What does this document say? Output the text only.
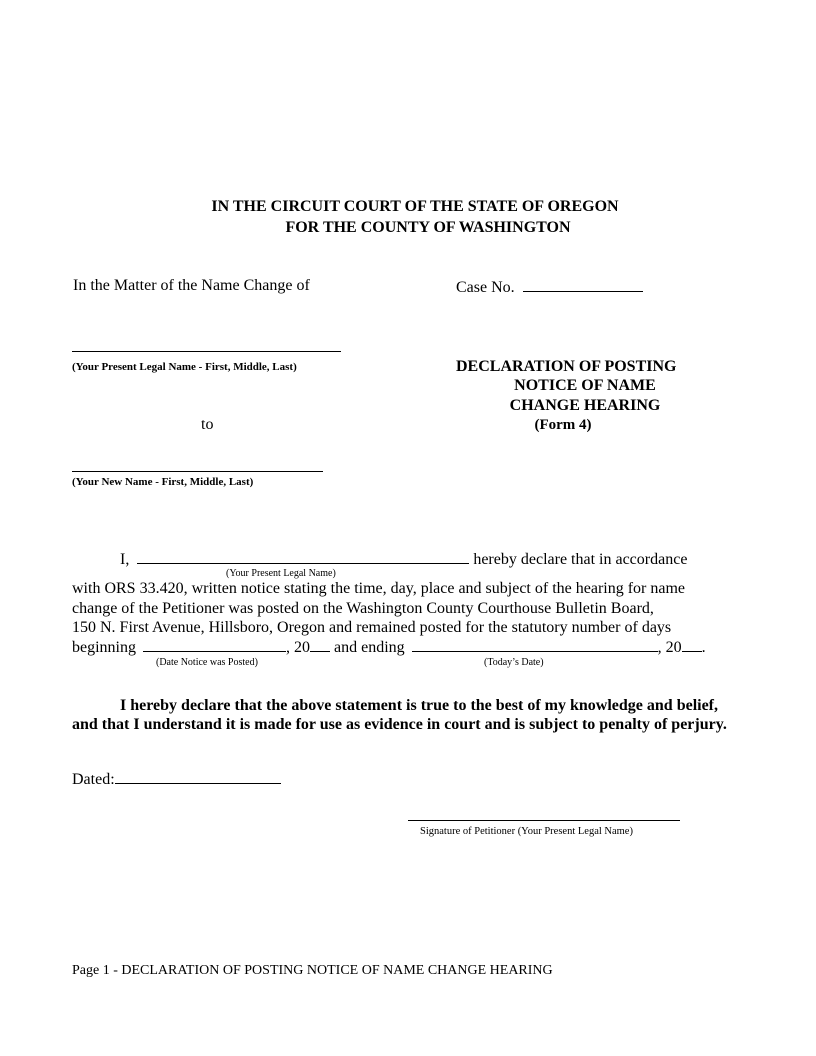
IN THE CIRCUIT COURT OF THE STATE OF OREGON
FOR THE COUNTY OF WASHINGTON
In the Matter of the Name Change of	Case No.
(Your Present Legal Name - First, Middle, Last)
to
(Your New Name - First, Middle, Last)
DECLARATION OF POSTING
NOTICE OF NAME
CHANGE HEARING
(Form 4)
I,	hereby declare that in accordance
(Your Present Legal Name)
with ORS 33.420, written notice stating the time, day, place and subject of the hearing for name
change of the Petitioner was posted on the Washington County Courthouse Bulletin Board,
150 N. First Avenue, Hillsboro, Oregon and remained posted for the statutory number of days
beginning	, 20 and ending	, 20 .
(Date Notice was Posted)	(Today’s Date)
I hereby declare that the above statement is true to the best of my knowledge and belief,
and that I understand it is made for use as evidence in court and is subject to penalty of perjury.
Dated:
Signature of Petitioner (Your Present Legal Name)
Page 1 - DECLARATION OF POSTING NOTICE OF NAME CHANGE HEARING
